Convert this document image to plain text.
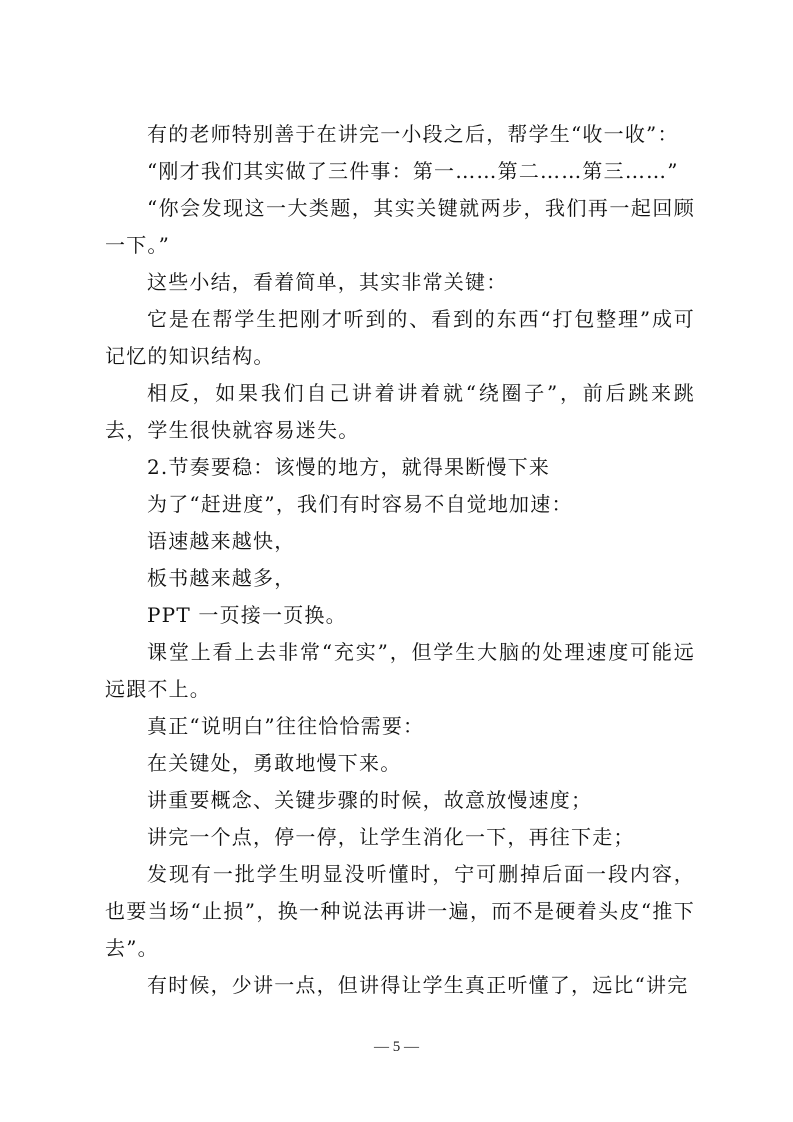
有的老师特别善于在讲完一小段之后，帮学生“收一收”：

“刚才我们其实做了三件事：第一……第二……第三……”

“你会发现这一大类题，其实关键就两步，我们再一起回顾一下。”

这些小结，看着简单，其实非常关键：

它是在帮学生把刚才听到的、看到的东西“打包整理”成可记忆的知识结构。

相反，如果我们自己讲着讲着就“绕圈子”，前后跳来跳去，学生很快就容易迷失。

2.节奏要稳：该慢的地方，就得果断慢下来

为了“赶进度”，我们有时容易不自觉地加速：

语速越来越快，

板书越来越多，

PPT 一页接一页换。

课堂上看上去非常“充实”，但学生大脑的处理速度可能远远跟不上。

真正“说明白”往往恰恰需要：

在关键处，勇敢地慢下来。

讲重要概念、关键步骤的时候，故意放慢速度；

讲完一个点，停一停，让学生消化一下，再往下走；

发现有一批学生明显没听懂时，宁可删掉后面一段内容，也要当场“止损”，换一种说法再讲一遍，而不是硬着头皮“推下去”。

有时候，少讲一点，但讲得让学生真正听懂了，远比“讲完

— 5 —
